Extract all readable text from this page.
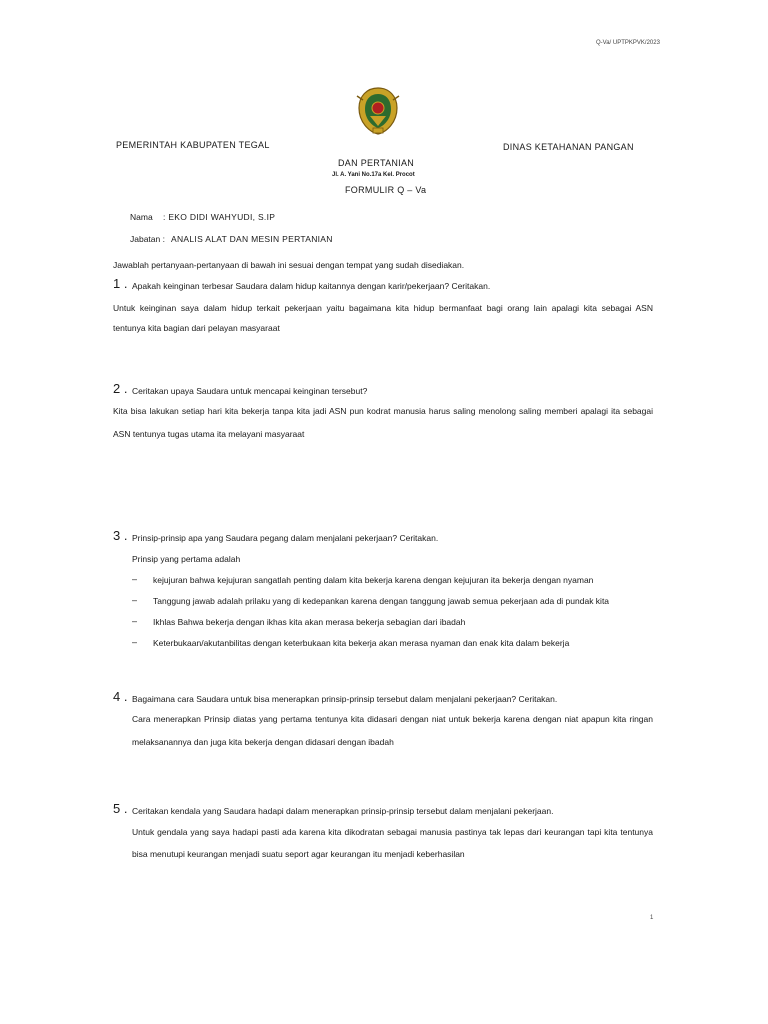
Q-Va/ UPTPKPVK/2023
PEMERINTAH KABUPATEN TEGAL	DINAS KETAHANAN PANGAN
DAN PERTANIAN
Jl. A. Yani No.17a Kel. Procot
FORMULIR Q – Va
Nama : EKO DIDI WAHYUDI, S.IP
Jabatan : ANALIS ALAT DAN MESIN PERTANIAN
Jawablah pertanyaan-pertanyaan di bawah ini sesuai dengan tempat yang sudah disediakan.
1 . Apakah keinginan terbesar Saudara dalam hidup kaitannya dengan karir/pekerjaan? Ceritakan.
Untuk keinginan saya dalam hidup terkait pekerjaan yaitu bagaimana kita hidup bermanfaat bagi orang lain apalagi kita sebagai ASN
tentunya kita bagian dari pelayan masyaraat
2 . Ceritakan upaya Saudara untuk mencapai keinginan tersebut?
Kita bisa lakukan setiap hari kita bekerja tanpa kita jadi ASN pun kodrat manusia harus saling menolong saling memberi apalagi ita sebagai
ASN tentunya tugas utama ita melayani masyaraat
3 . Prinsip-prinsip apa yang Saudara pegang dalam menjalani pekerjaan? Ceritakan.
Prinsip yang pertama adalah
– kejujuran bahwa kejujuran sangatlah penting dalam kita bekerja karena dengan kejujuran ita bekerja dengan nyaman
– Tanggung jawab adalah prilaku yang di kedepankan karena dengan tanggung jawab semua pekerjaan ada di pundak kita
– Ikhlas Bahwa bekerja dengan ikhas kita akan merasa bekerja sebagian dari ibadah
– Keterbukaan/akutanbilitas dengan keterbukaan kita bekerja akan merasa nyaman dan enak kita dalam bekerja
4 . Bagaimana cara Saudara untuk bisa menerapkan prinsip-prinsip tersebut dalam menjalani pekerjaan? Ceritakan.
Cara menerapkan Prinsip diatas yang pertama tentunya kita didasari dengan niat untuk bekerja karena dengan niat apapun kita ringan
melaksanannya dan juga kita bekerja dengan didasari dengan ibadah
5 . Ceritakan kendala yang Saudara hadapi dalam menerapkan prinsip-prinsip tersebut dalam menjalani pekerjaan.
Untuk gendala yang saya hadapi pasti ada karena kita dikodratan sebagai manusia pastinya tak lepas dari keurangan tapi kita tentunya
bisa menutupi keurangan menjadi suatu seport agar keurangan itu menjadi keberhasilan
1
